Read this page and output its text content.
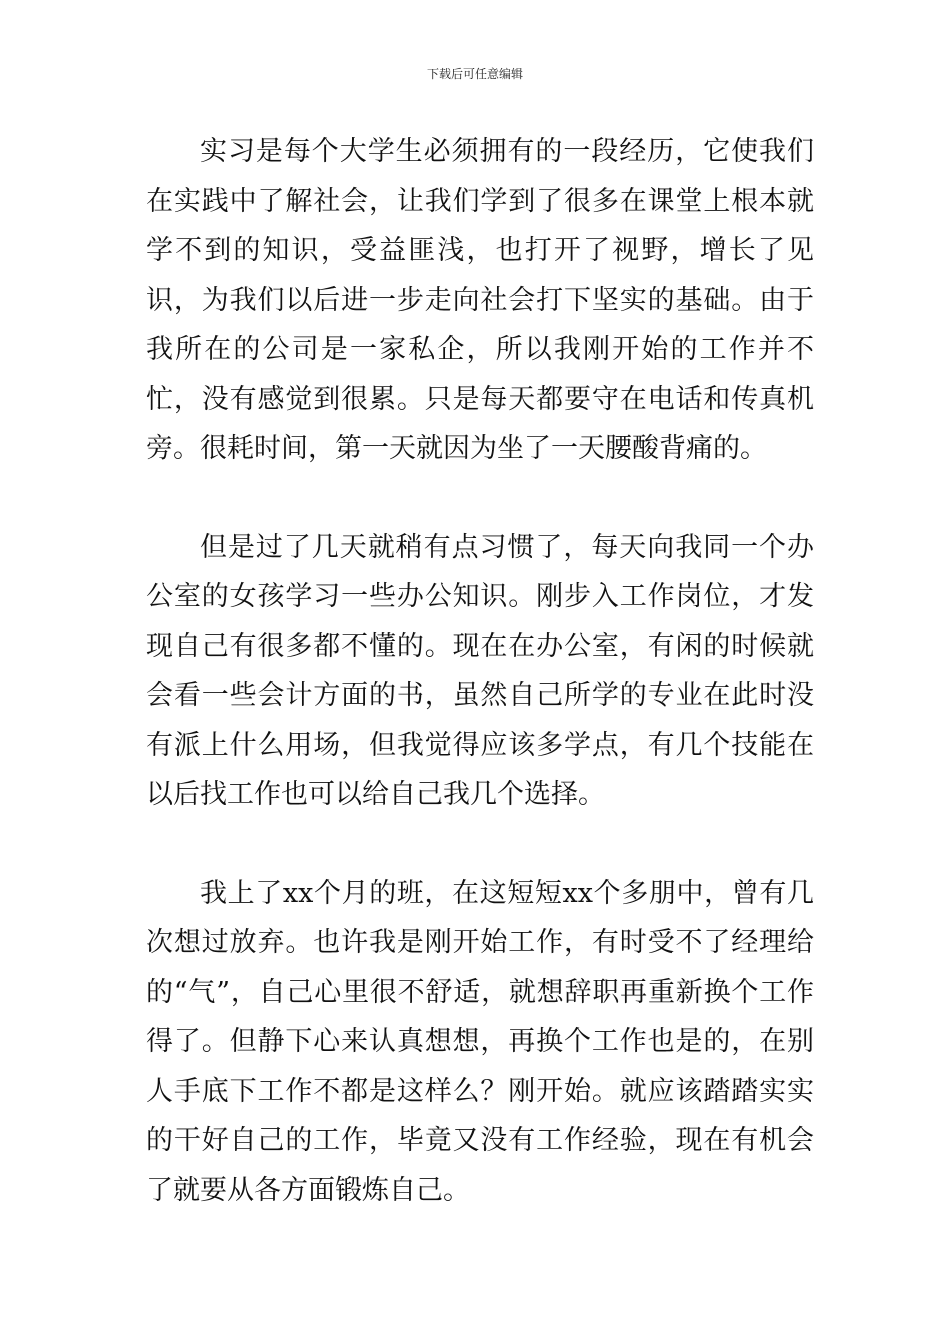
下载后可任意编辑

实习是每个大学生必须拥有的一段经历，它使我们在实践中了解社会，让我们学到了很多在课堂上根本就学不到的知识，受益匪浅，也打开了视野，增长了见识，为我们以后进一步走向社会打下坚实的基础。由于我所在的公司是一家私企，所以我刚开始的工作并不忙，没有感觉到很累。只是每天都要守在电话和传真机旁。很耗时间，第一天就因为坐了一天腰酸背痛的。

但是过了几天就稍有点习惯了，每天向我同一个办公室的女孩学习一些办公知识。刚步入工作岗位，才发现自己有很多都不懂的。现在在办公室，有闲的时候就会看一些会计方面的书，虽然自己所学的专业在此时没有派上什么用场，但我觉得应该多学点，有几个技能在以后找工作也可以给自己我几个选择。

我上了xx个月的班，在这短短xx个多朋中，曾有几次想过放弃。也许我是刚开始工作，有时受不了经理给的“气”，自己心里很不舒适，就想辞职再重新换个工作得了。但静下心来认真想想，再换个工作也是的，在别人手底下工作不都是这样么？刚开始。就应该踏踏实实的干好自己的工作，毕竟又没有工作经验，现在有机会了就要从各方面锻炼自己。
